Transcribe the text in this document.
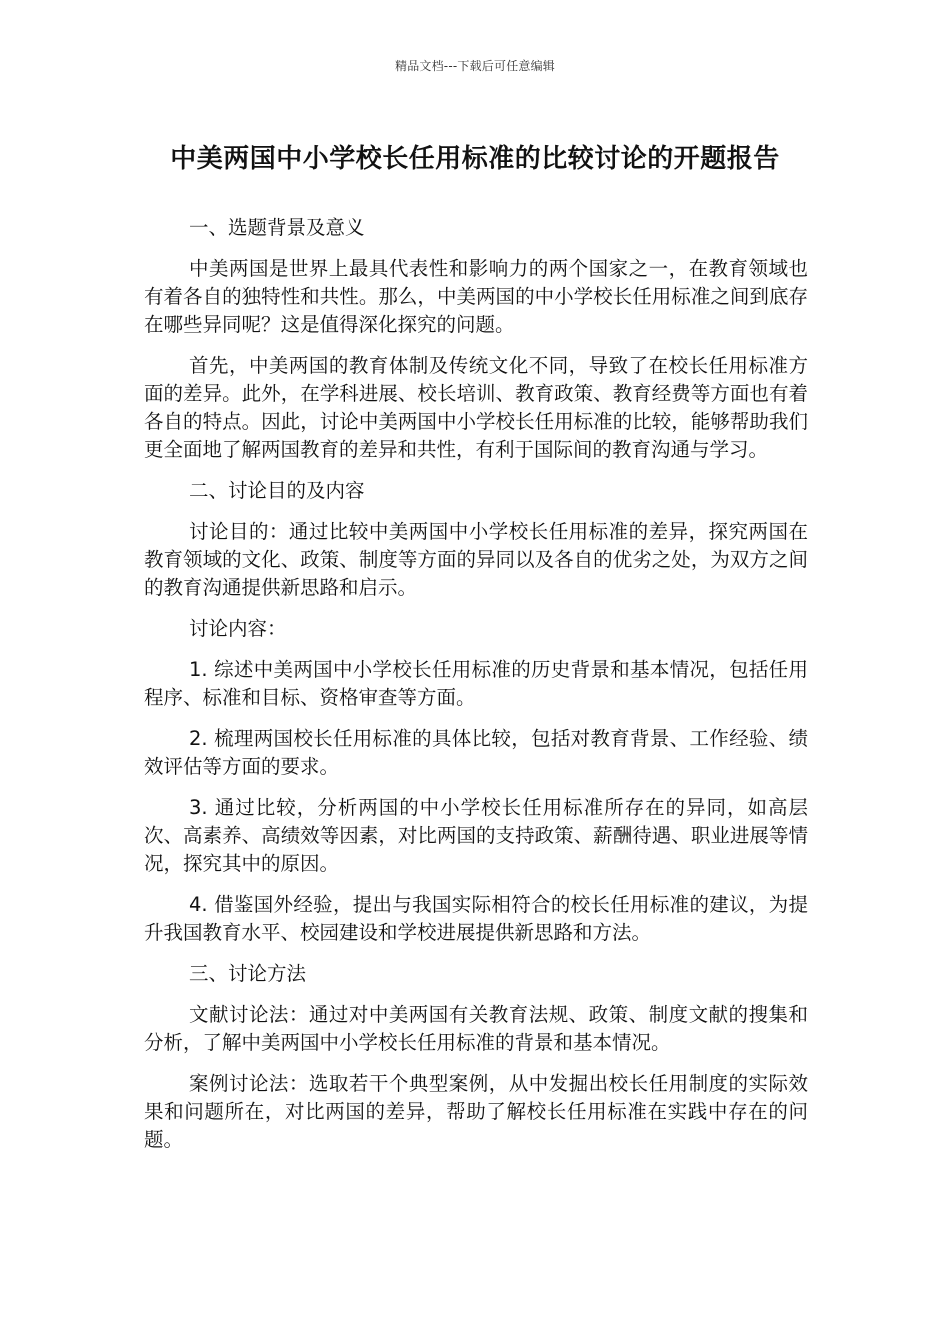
精品文档---下载后可任意编辑
中美两国中小学校长任用标准的比较讨论的开题报告

一、选题背景及意义

中美两国是世界上最具代表性和影响力的两个国家之一，在教育领域也有着各自的独特性和共性。那么，中美两国的中小学校长任用标准之间到底存在哪些异同呢？这是值得深化探究的问题。

首先，中美两国的教育体制及传统文化不同，导致了在校长任用标准方面的差异。此外，在学科进展、校长培训、教育政策、教育经费等方面也有着各自的特点。因此，讨论中美两国中小学校长任用标准的比较，能够帮助我们更全面地了解两国教育的差异和共性，有利于国际间的教育沟通与学习。

二、讨论目的及内容

讨论目的：通过比较中美两国中小学校长任用标准的差异，探究两国在教育领域的文化、政策、制度等方面的异同以及各自的优劣之处，为双方之间的教育沟通提供新思路和启示。

讨论内容：

1. 综述中美两国中小学校长任用标准的历史背景和基本情况，包括任用程序、标准和目标、资格审查等方面。

2. 梳理两国校长任用标准的具体比较，包括对教育背景、工作经验、绩效评估等方面的要求。

3. 通过比较，分析两国的中小学校长任用标准所存在的异同，如高层次、高素养、高绩效等因素，对比两国的支持政策、薪酬待遇、职业进展等情况，探究其中的原因。

4. 借鉴国外经验，提出与我国实际相符合的校长任用标准的建议，为提升我国教育水平、校园建设和学校进展提供新思路和方法。

三、讨论方法

文献讨论法：通过对中美两国有关教育法规、政策、制度文献的搜集和分析，了解中美两国中小学校长任用标准的背景和基本情况。

案例讨论法：选取若干个典型案例，从中发掘出校长任用制度的实际效果和问题所在，对比两国的差异，帮助了解校长任用标准在实践中存在的问题。
